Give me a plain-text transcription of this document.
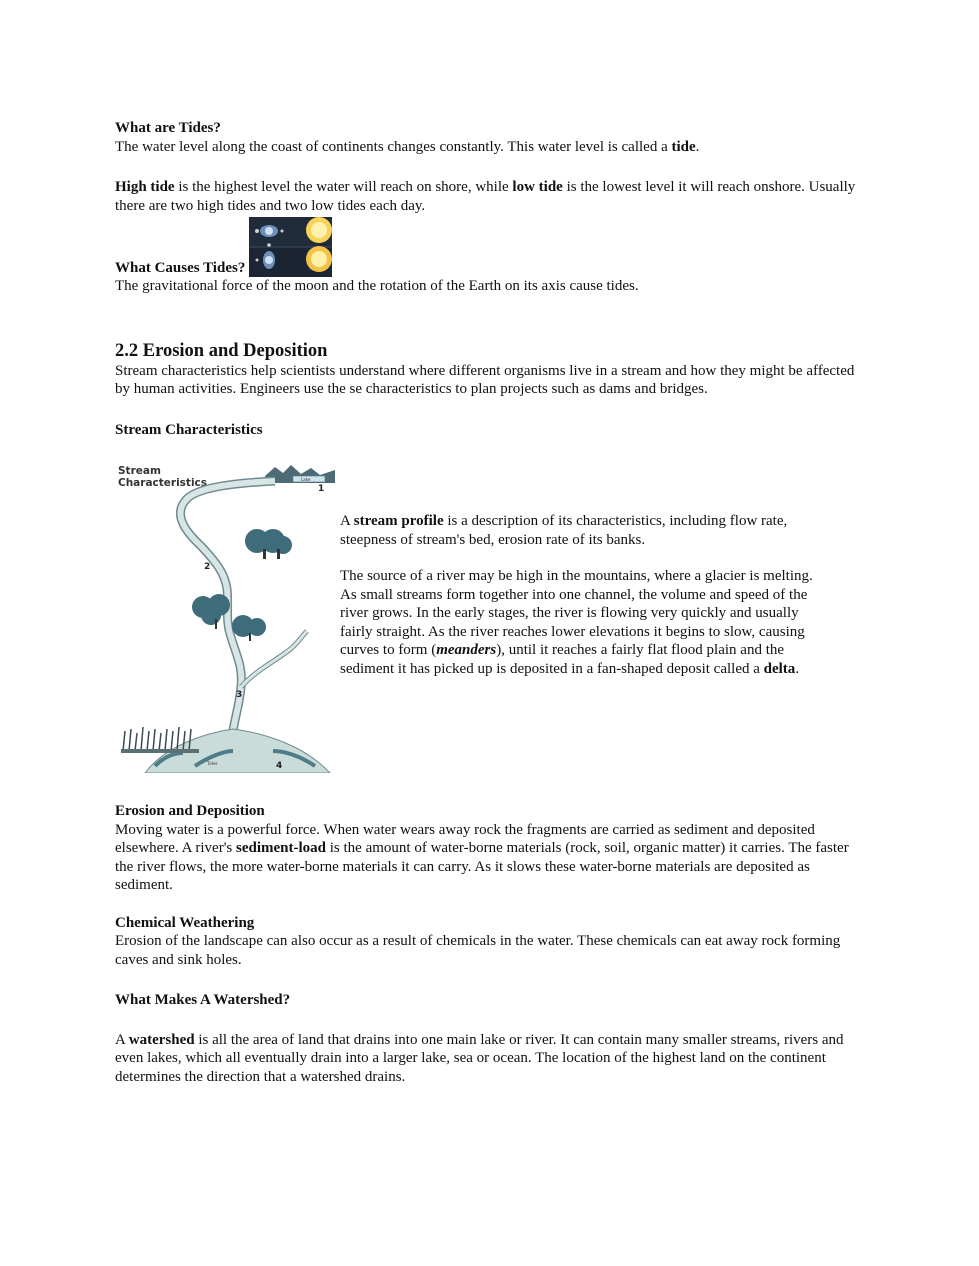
What are Tides?

The water level along the coast of continents changes constantly. This water level is called a tide.

High tide is the highest level the water will reach on shore, while low tide is the lowest level it will reach onshore. Usually there are two high tides and two low tides each day.

What Causes Tides?

The gravitational force of the moon and the rotation of the Earth on its axis cause tides.

2.2 Erosion and Deposition

Stream characteristics help scientists understand where different organisms live in a stream and how they might be affected by human activities. Engineers use the se characteristics to plan projects such as dams and bridges.

Stream Characteristics

Stream
Characteristics	Lake
1
Tides
2
3
4

A stream profile is a description of its characteristics, including flow rate, steepness of stream's bed, erosion rate of its banks.

The source of a river may be high in the mountains, where a glacier is melting. As small streams form together into one channel, the volume and speed of the river grows. In the early stages, the river is flowing very quickly and usually fairly straight. As the river reaches lower elevations it begins to slow, causing curves to form (meanders), until it reaches a fairly flat flood plain and the sediment it has picked up is deposited in a fan-shaped deposit called a delta.

Erosion and Deposition

Moving water is a powerful force. When water wears away rock the fragments are carried as sediment and deposited elsewhere. A river's sediment-load is the amount of water-borne materials (rock, soil, organic matter) it carries. The faster the river flows, the more water-borne materials it can carry. As it slows these water-borne materials are deposited as sediment.

Chemical Weathering

Erosion of the landscape can also occur as a result of chemicals in the water. These chemicals can eat away rock forming caves and sink holes.

What Makes A Watershed?

A watershed is all the area of land that drains into one main lake or river. It can contain many smaller streams, rivers and even lakes, which all eventually drain into a larger lake, sea or ocean. The location of the highest land on the continent determines the direction that a watershed drains.
